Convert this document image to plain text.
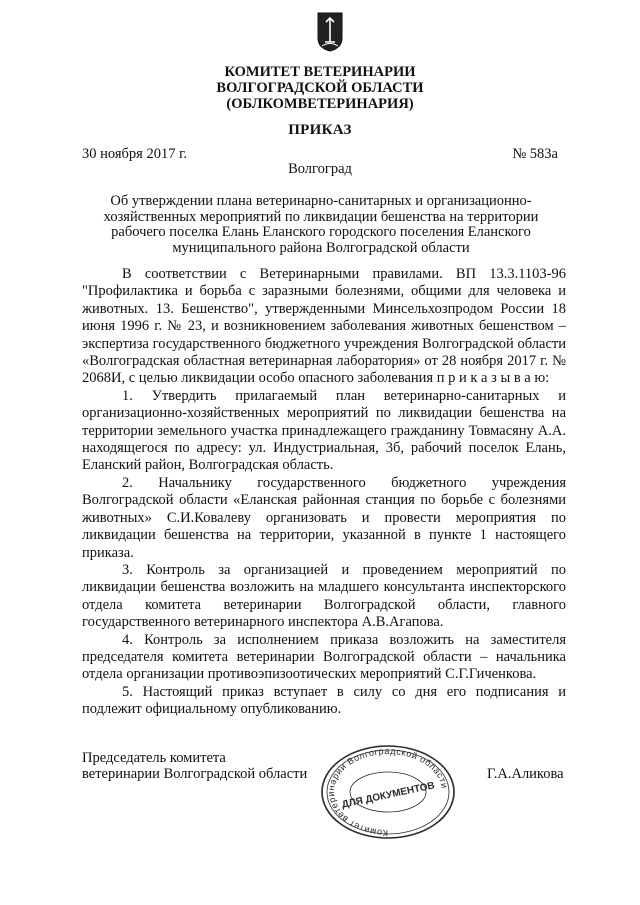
КОМИТЕТ ВЕТЕРИНАРИИ
ВОЛГОГРАДСКОЙ ОБЛАСТИ
(ОБЛКОМВЕТЕРИНАРИЯ)
ПРИКАЗ
30 ноября 2017 г.	№ 583а
Волгоград
Об утверждении плана ветеринарно-санитарных и организационно-хозяйственных мероприятий по ликвидации бешенства на территории рабочего поселка Елань Еланского городского поселения Еланского муниципального района Волгоградской области

В соответствии с Ветеринарными правилами. ВП 13.3.1103-96 "Профилактика и борьба с заразными болезнями, общими для человека и животных. 13. Бешенство", утвержденными Минсельхозпродом России 18 июня 1996 г. № 23, и возникновением заболевания животных бешенством – экспертиза государственного бюджетного учреждения Волгоградской области «Волгоградская областная ветеринарная лаборатория» от 28 ноября 2017 г. № 2068И, с целью ликвидации особо опасного заболевания п р и к а з ы в а ю:

1. Утвердить прилагаемый план ветеринарно-санитарных и организационно-хозяйственных мероприятий по ликвидации бешенства на территории земельного участка принадлежащего гражданину Товмасяну А.А. находящегося по адресу: ул. Индустриальная, 3б, рабочий поселок Елань, Еланский район, Волгоградская область.

2. Начальнику государственного бюджетного учреждения Волгоградской области «Еланская районная станция по борьбе с болезнями животных» С.И.Ковалеву организовать и провести мероприятия по ликвидации бешенства на территории, указанной в пункте 1 настоящего приказа.

3. Контроль за организацией и проведением мероприятий по ликвидации бешенства возложить на младшего консультанта инспекторского отдела комитета ветеринарии Волгоградской области, главного государственного ветеринарного инспектора А.В.Агапова.

4. Контроль за исполнением приказа возложить на заместителя председателя комитета ветеринарии Волгоградской области – начальника отдела организации противоэпизоотических мероприятий С.Г.Гиченкова.

5. Настоящий приказ вступает в силу со дня его подписания и подлежит официальному опубликованию.

Председатель комитета
ветеринарии Волгоградской области
Комитет ветеринарии Волгоградской области
ДЛЯ ДОКУМЕНТОВ
Г.А.Аликова
